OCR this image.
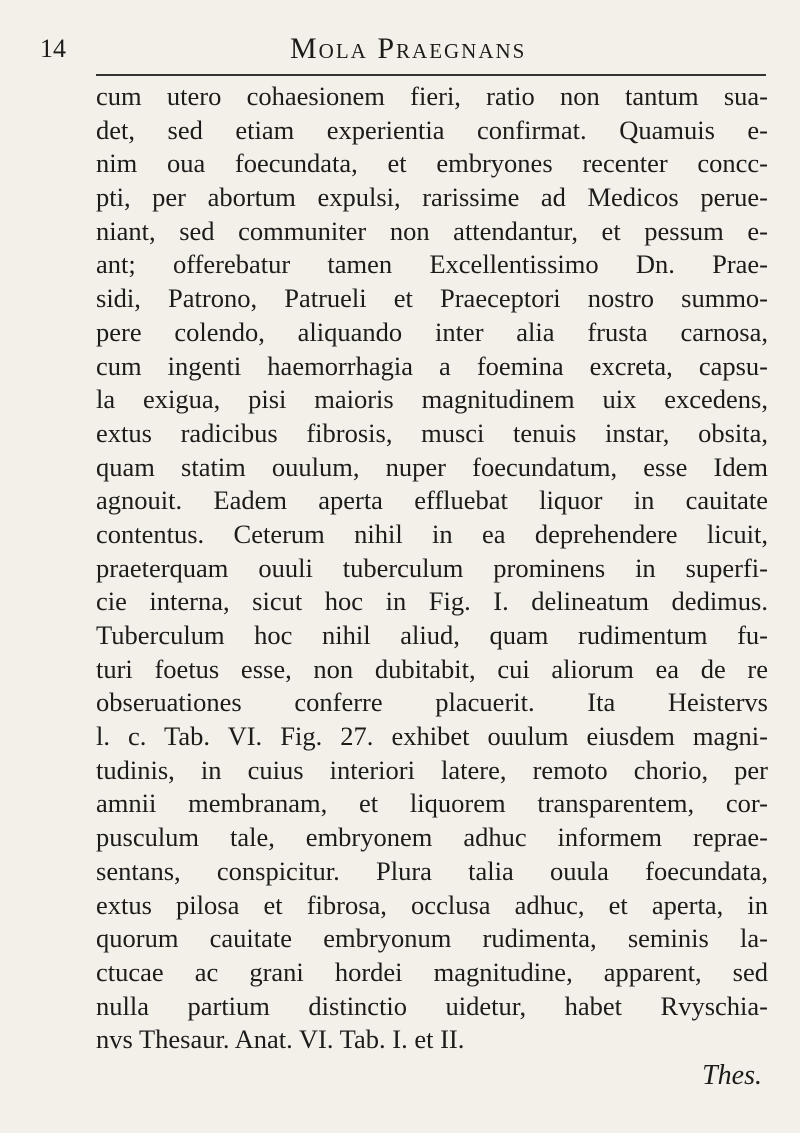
14	Mola Praegnans
cum utero cohaesionem fieri, ratio non tantum sua-
det, sed etiam experientia confirmat. Quamuis e-
nim oua foecundata, et embryones recenter concc-
pti, per abortum expulsi, rarissime ad Medicos perue-
niant, sed communiter non attendantur, et pessum e-
ant; offerebatur tamen Excellentissimo Dn. Prae-
sidi, Patrono, Patrueli et Praeceptori nostro summo-
pere colendo, aliquando inter alia frusta carnosa,
cum ingenti haemorrhagia a foemina excreta, capsu-
la exigua, pisi maioris magnitudinem uix excedens,
extus radicibus fibrosis, musci tenuis instar, obsita,
quam statim ouulum, nuper foecundatum, esse Idem
agnouit. Eadem aperta effluebat liquor in cauitate
contentus. Ceterum nihil in ea deprehendere licuit,
praeterquam ouuli tuberculum prominens in superfi-
cie interna, sicut hoc in Fig. I. delineatum dedimus.
Tuberculum hoc nihil aliud, quam rudimentum fu-
turi foetus esse, non dubitabit, cui aliorum ea de re
obseruationes conferre placuerit. Ita Heistervs
l. c. Tab. VI. Fig. 27. exhibet ouulum eiusdem magni-
tudinis, in cuius interiori latere, remoto chorio, per
amnii membranam, et liquorem transparentem, cor-
pusculum tale, embryonem adhuc informem reprae-
sentans, conspicitur. Plura talia ouula foecundata,
extus pilosa et fibrosa, occlusa adhuc, et aperta, in
quorum cauitate embryonum rudimenta, seminis la-
ctucae ac grani hordei magnitudine, apparent, sed
nulla partium distinctio uidetur, habet Rvyschia-
nvs Thesaur. Anat. VI. Tab. I. et II.
Thes.
